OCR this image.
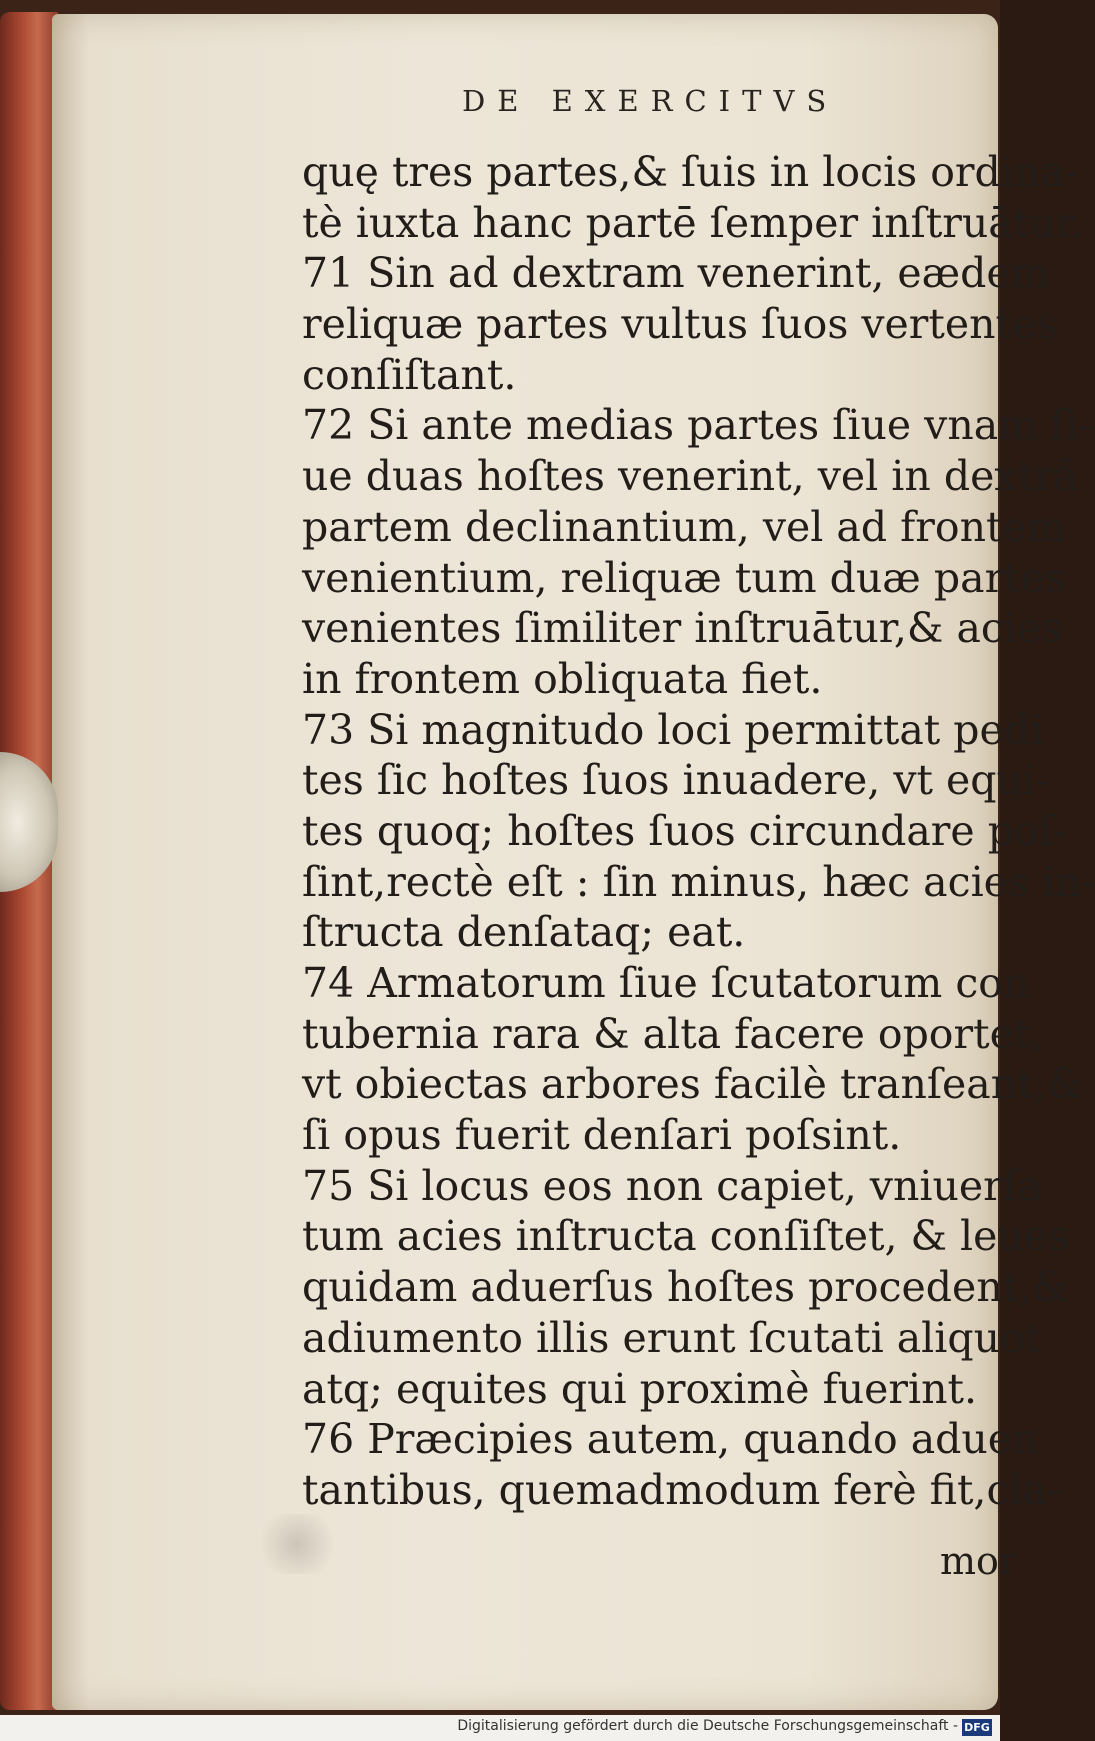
DE EXERCITVS
quę tres partes,& ſuis in locis ordina-
tè iuxta hanc partē ſemper inſtruātur.
71 Sin ad dextram venerint, eædem
reliquæ partes vultus ſuos vertentes
conſiſtant.
72 Si ante medias partes ſiue vnam ſi-
ue duas hoſtes venerint, vel in dextrā
partem declinantium, vel ad frontem
venientium, reliquæ tum duæ partes
venientes ſimiliter inſtruātur,& acies
in frontem obliquata fiet.
73 Si magnitudo loci permittat pedi
tes ſic hoſtes ſuos inuadere, vt equi-
tes quoq; hoſtes ſuos circundare poſ-
ſint,rectè eſt : ſin minus, hæc acies in-
ſtructa denſataq; eat.
74 Armatorum ſiue ſcutatorum con
tubernia rara & alta facere oportet,
vt obiectas arbores facilè tranſeant,&
ſi opus fuerit denſari poſsint.
75 Si locus eos non capiet, vniuerſa
tum acies inſtructa conſiſtet, & leues
quidam aduerſus hoſtes procedent,&
adiumento illis erunt ſcutati aliquot
atq; equites qui proximè fuerint.
76 Præcipies autem, quando aduen
tantibus, quemadmodum ferè fit,cla-
mor
Digitalisierung gefördert durch die Deutsche Forschungsgemeinschaft - DFG
